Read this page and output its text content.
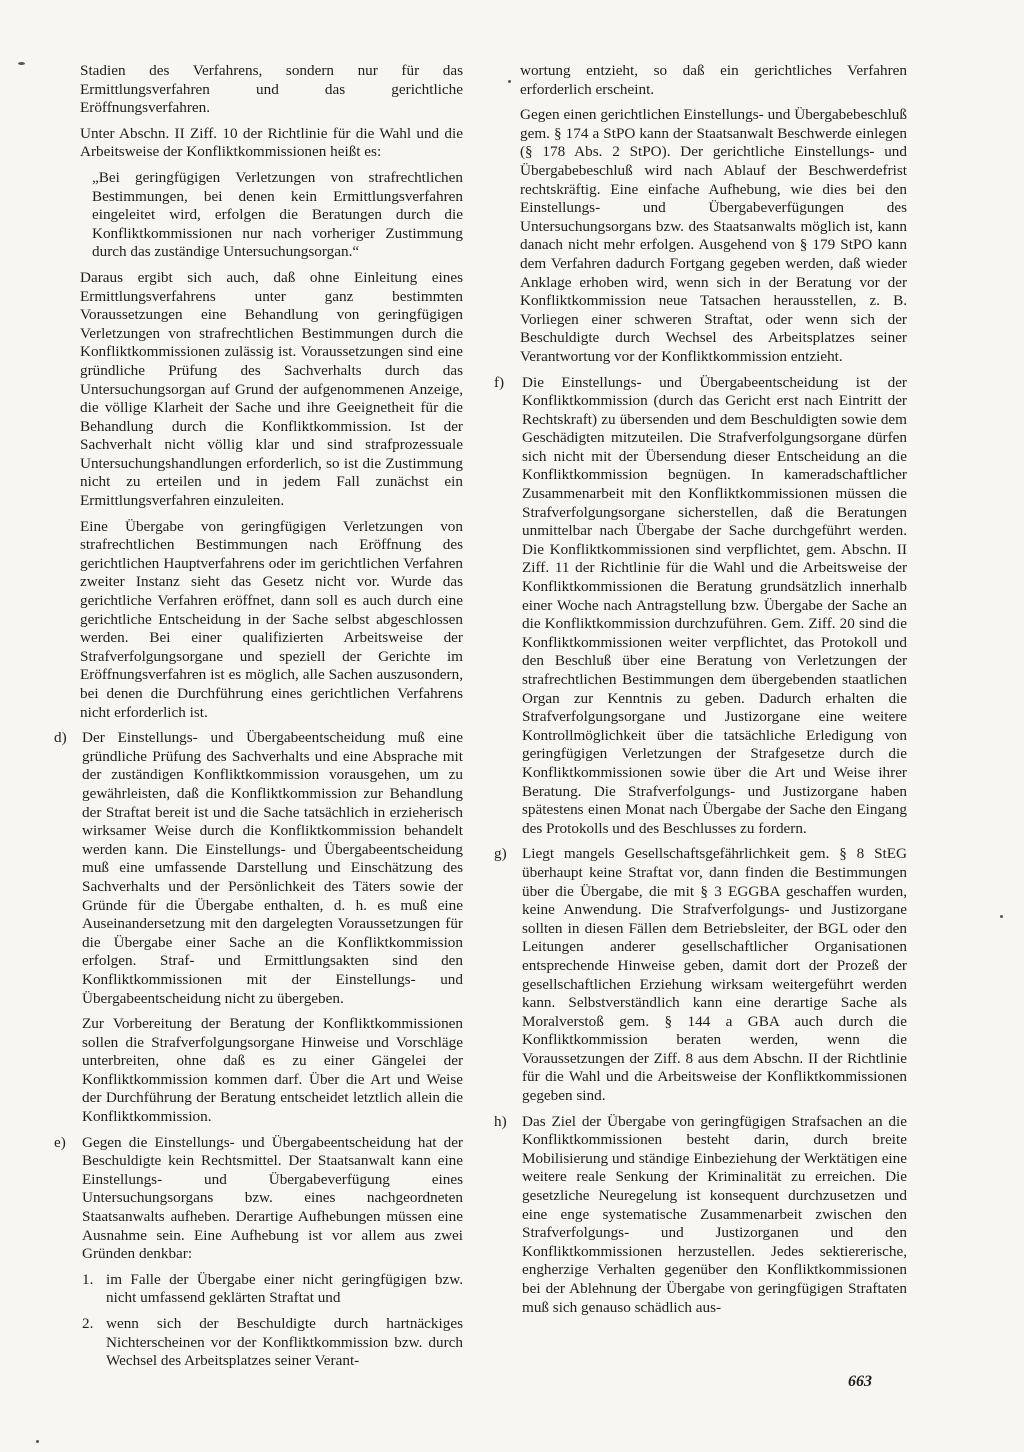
Stadien des Verfahrens, sondern nur für das Ermittlungsverfahren und das gerichtliche Eröffnungsverfahren.

Unter Abschn. II Ziff. 10 der Richtlinie für die Wahl und die Arbeitsweise der Konfliktkommissionen heißt es:

„Bei geringfügigen Verletzungen von strafrechtlichen Bestimmungen, bei denen kein Ermittlungsverfahren eingeleitet wird, erfolgen die Beratungen durch die Konfliktkommissionen nur nach vorheriger Zustimmung durch das zuständige Untersuchungsorgan.“

Daraus ergibt sich auch, daß ohne Einleitung eines Ermittlungsverfahrens unter ganz bestimmten Voraussetzungen eine Behandlung von geringfügigen Verletzungen von strafrechtlichen Bestimmungen durch die Konfliktkommissionen zulässig ist. Voraussetzungen sind eine gründliche Prüfung des Sachverhalts durch das Untersuchungsorgan auf Grund der aufgenommenen Anzeige, die völlige Klarheit der Sache und ihre Geeignetheit für die Behandlung durch die Konfliktkommission. Ist der Sachverhalt nicht völlig klar und sind strafprozessuale Untersuchungshandlungen erforderlich, so ist die Zustimmung nicht zu erteilen und in jedem Fall zunächst ein Ermittlungsverfahren einzuleiten.

Eine Übergabe von geringfügigen Verletzungen von strafrechtlichen Bestimmungen nach Eröffnung des gerichtlichen Hauptverfahrens oder im gerichtlichen Verfahren zweiter Instanz sieht das Gesetz nicht vor. Wurde das gerichtliche Verfahren eröffnet, dann soll es auch durch eine gerichtliche Entscheidung in der Sache selbst abgeschlossen werden. Bei einer qualifizierten Arbeitsweise der Strafverfolgungsorgane und speziell der Gerichte im Eröffnungsverfahren ist es möglich, alle Sachen auszusondern, bei denen die Durchführung eines gerichtlichen Verfahrens nicht erforderlich ist.

d) Der Einstellungs- und Übergabeentscheidung muß eine gründliche Prüfung des Sachverhalts und eine Absprache mit der zuständigen Konfliktkommission vorausgehen, um zu gewährleisten, daß die Konfliktkommission zur Behandlung der Straftat bereit ist und die Sache tatsächlich in erzieherisch wirksamer Weise durch die Konfliktkommission behandelt werden kann. Die Einstellungs- und Übergabeentscheidung muß eine umfassende Darstellung und Einschätzung des Sachverhalts und der Persönlichkeit des Täters sowie der Gründe für die Übergabe enthalten, d. h. es muß eine Auseinandersetzung mit den dargelegten Voraussetzungen für die Übergabe einer Sache an die Konfliktkommission erfolgen. Straf- und Ermittlungsakten sind den Konfliktkommissionen mit der Einstellungs- und Übergabeentscheidung nicht zu übergeben.

Zur Vorbereitung der Beratung der Konfliktkommissionen sollen die Strafverfolgungsorgane Hinweise und Vorschläge unterbreiten, ohne daß es zu einer Gängelei der Konfliktkommission kommen darf. Über die Art und Weise der Durchführung der Beratung entscheidet letztlich allein die Konfliktkommission.

e) Gegen die Einstellungs- und Übergabeentscheidung hat der Beschuldigte kein Rechtsmittel. Der Staatsanwalt kann eine Einstellungs- und Übergabeverfügung eines Untersuchungsorgans bzw. eines nachgeordneten Staatsanwalts aufheben. Derartige Aufhebungen müssen eine Ausnahme sein. Eine Aufhebung ist vor allem aus zwei Gründen denkbar:

1. im Falle der Übergabe einer nicht geringfügigen bzw. nicht umfassend geklärten Straftat und
2. wenn sich der Beschuldigte durch hartnäckiges Nichterscheinen vor der Konfliktkommission bzw. durch Wechsel des Arbeitsplatzes seiner Verant-

wortung entzieht, so daß ein gerichtliches Verfahren erforderlich erscheint.

Gegen einen gerichtlichen Einstellungs- und Übergabebeschluß gem. § 174 a StPO kann der Staatsanwalt Beschwerde einlegen (§ 178 Abs. 2 StPO). Der gerichtliche Einstellungs- und Übergabebeschluß wird nach Ablauf der Beschwerdefrist rechtskräftig. Eine einfache Aufhebung, wie dies bei den Einstellungs- und Übergabeverfügungen des Untersuchungsorgans bzw. des Staatsanwalts möglich ist, kann danach nicht mehr erfolgen. Ausgehend von § 179 StPO kann dem Verfahren dadurch Fortgang gegeben werden, daß wieder Anklage erhoben wird, wenn sich in der Beratung vor der Konfliktkommission neue Tatsachen herausstellen, z. B. Vorliegen einer schweren Straftat, oder wenn sich der Beschuldigte durch Wechsel des Arbeitsplatzes seiner Verantwortung vor der Konfliktkommission entzieht.

f) Die Einstellungs- und Übergabeentscheidung ist der Konfliktkommission (durch das Gericht erst nach Eintritt der Rechtskraft) zu übersenden und dem Beschuldigten sowie dem Geschädigten mitzuteilen. Die Strafverfolgungsorgane dürfen sich nicht mit der Übersendung dieser Entscheidung an die Konfliktkommission begnügen. In kameradschaftlicher Zusammenarbeit mit den Konfliktkommissionen müssen die Strafverfolgungsorgane sicherstellen, daß die Beratungen unmittelbar nach Übergabe der Sache durchgeführt werden. Die Konfliktkommissionen sind verpflichtet, gem. Abschn. II Ziff. 11 der Richtlinie für die Wahl und die Arbeitsweise der Konfliktkommissionen die Beratung grundsätzlich innerhalb einer Woche nach Antragstellung bzw. Übergabe der Sache an die Konfliktkommission durchzuführen. Gem. Ziff. 20 sind die Konfliktkommissionen weiter verpflichtet, das Protokoll und den Beschluß über eine Beratung von Verletzungen der strafrechtlichen Bestimmungen dem übergebenden staatlichen Organ zur Kenntnis zu geben. Dadurch erhalten die Strafverfolgungsorgane und Justizorgane eine weitere Kontrollmöglichkeit über die tatsächliche Erledigung von geringfügigen Verletzungen der Strafgesetze durch die Konfliktkommissionen sowie über die Art und Weise ihrer Beratung. Die Strafverfolgungs- und Justizorgane haben spätestens einen Monat nach Übergabe der Sache den Eingang des Protokolls und des Beschlusses zu fordern.

g) Liegt mangels Gesellschaftsgefährlichkeit gem. § 8 StEG überhaupt keine Straftat vor, dann finden die Bestimmungen über die Übergabe, die mit § 3 EGGBA geschaffen wurden, keine Anwendung. Die Strafverfolgungs- und Justizorgane sollten in diesen Fällen dem Betriebsleiter, der BGL oder den Leitungen anderer gesellschaftlicher Organisationen entsprechende Hinweise geben, damit dort der Prozeß der gesellschaftlichen Erziehung wirksam weitergeführt werden kann. Selbstverständlich kann eine derartige Sache als Moralverstoß gem. § 144 a GBA auch durch die Konfliktkommission beraten werden, wenn die Voraussetzungen der Ziff. 8 aus dem Abschn. II der Richtlinie für die Wahl und die Arbeitsweise der Konfliktkommissionen gegeben sind.

h) Das Ziel der Übergabe von geringfügigen Strafsachen an die Konfliktkommissionen besteht darin, durch breite Mobilisierung und ständige Einbeziehung der Werktätigen eine weitere reale Senkung der Kriminalität zu erreichen. Die gesetzliche Neuregelung ist konsequent durchzusetzen und eine enge systematische Zusammenarbeit zwischen den Strafverfolgungs- und Justizorganen und den Konfliktkommissionen herzustellen. Jedes sektiererische, engherzige Verhalten gegenüber den Konfliktkommissionen bei der Ablehnung der Übergabe von geringfügigen Straftaten muß sich genauso schädlich aus-

663
